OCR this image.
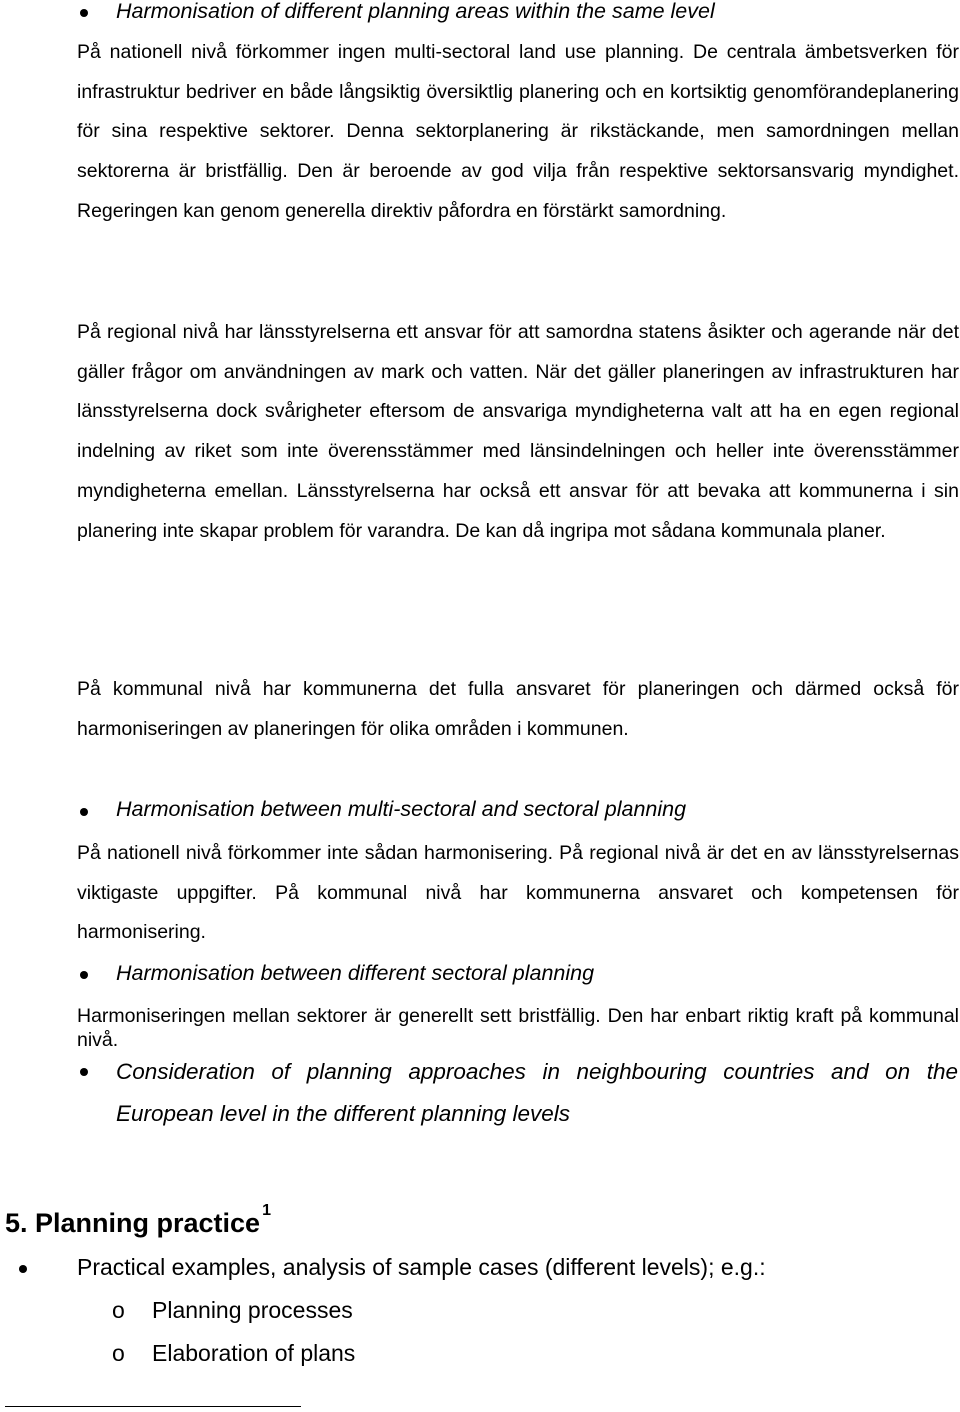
Harmonisation of different planning areas within the same level

På nationell nivå förkommer ingen multi-sectoral land use planning. De centrala ämbetsverken för infrastruktur bedriver en både långsiktig översiktlig planering och en kortsiktig genomförandeplanering för sina respektive sektorer. Denna sektorplanering är rikstäckande, men samordningen mellan sektorerna är bristfällig. Den är beroende av god vilja från respektive sektorsansvarig myndighet. Regeringen kan genom generella direktiv påfordra en förstärkt samordning.

På regional nivå har länsstyrelserna ett ansvar för att samordna statens åsikter och agerande när det gäller frågor om användningen av mark och vatten. När det gäller planeringen av infrastrukturen har länsstyrelserna dock svårigheter eftersom de ansvariga myndigheterna valt att ha en egen regional indelning av riket som inte överensstämmer med länsindelningen och heller inte överensstämmer myndigheterna emellan. Länsstyrelserna har också ett ansvar för att bevaka att kommunerna i sin planering inte skapar problem för varandra. De kan då ingripa mot sådana kommunala planer.

På kommunal nivå har kommunerna det fulla ansvaret för planeringen och därmed också för harmoniseringen av planeringen för olika områden i kommunen.

Harmonisation between multi-sectoral and sectoral planning

På nationell nivå förkommer inte sådan harmonisering. På regional nivå är det en av länsstyrelsernas viktigaste uppgifter. På kommunal nivå har kommunerna ansvaret och kompetensen för harmonisering.

Harmonisation between different sectoral planning

Harmoniseringen mellan sektorer är generellt sett bristfällig. Den har enbart riktig kraft på kommunal nivå.

Consideration of planning approaches in neighbouring countries and on the European level in the different planning levels
5. Planning practice $^1$
Practical examples, analysis of sample cases (different levels); e.g.:
o Planning processes
o Elaboration of plans
